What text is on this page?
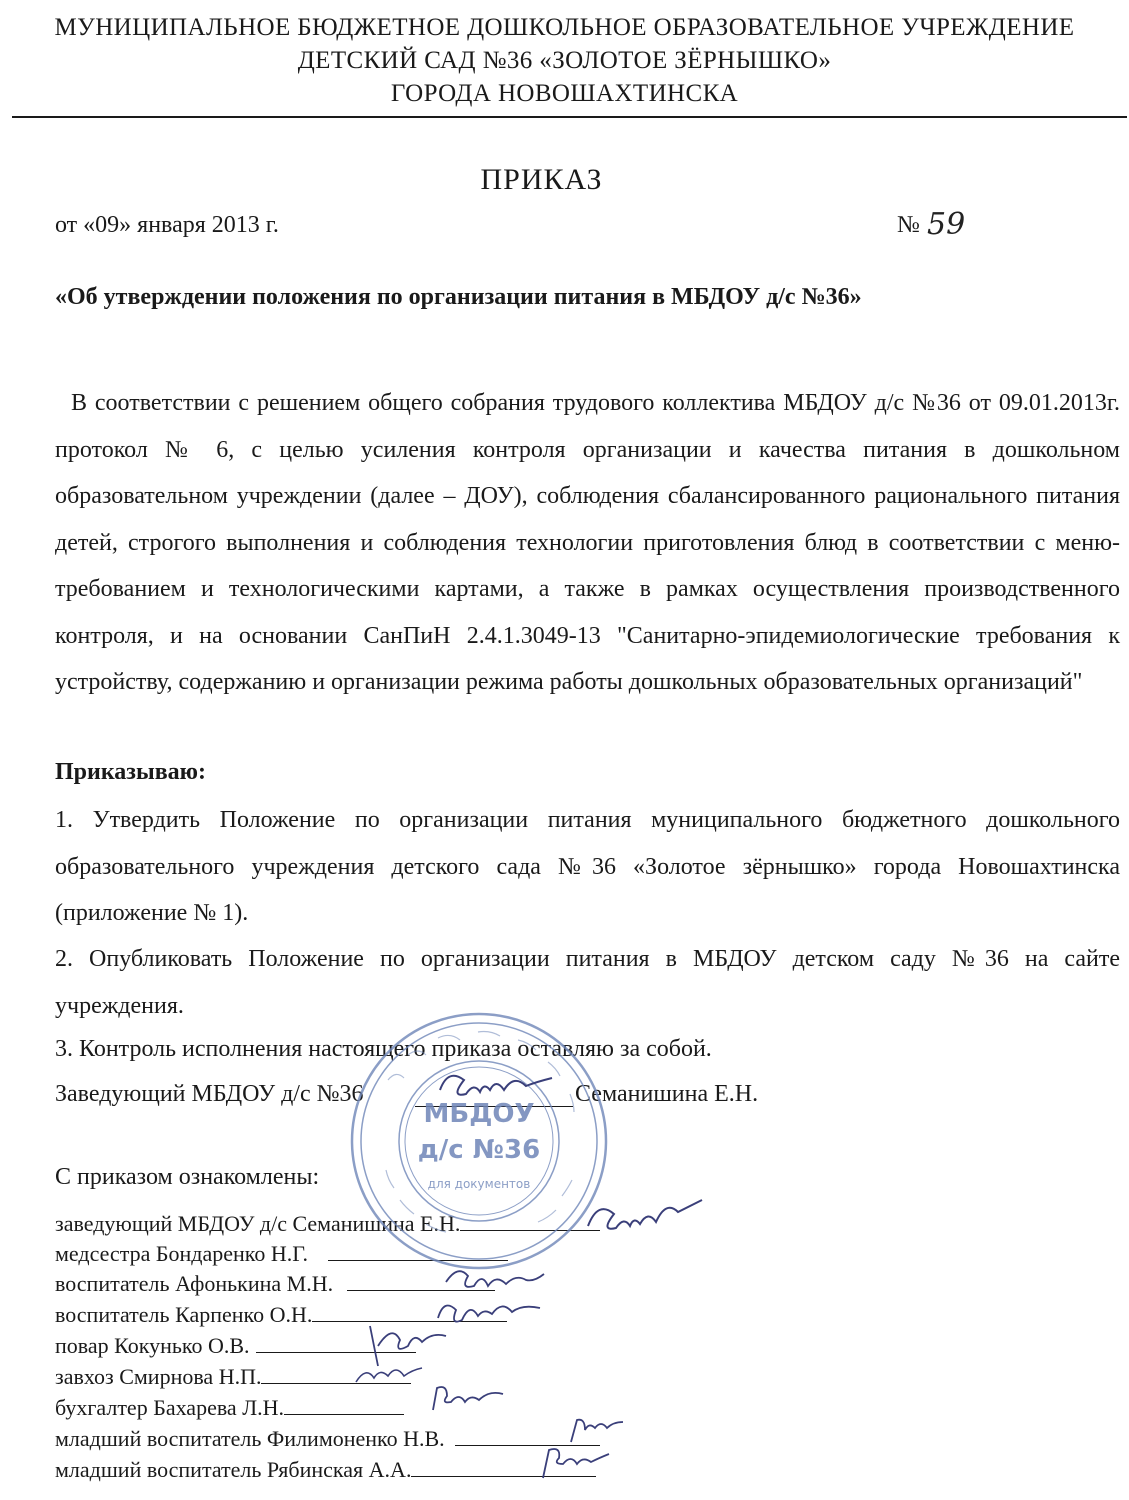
МУНИЦИПАЛЬНОЕ БЮДЖЕТНОЕ ДОШКОЛЬНОЕ ОБРАЗОВАТЕЛЬНОЕ УЧРЕЖДЕНИЕ

ДЕТСКИЙ САД №36 «ЗОЛОТОЕ ЗЁРНЫШКО»

ГОРОДА НОВОШАХТИНСКА

ПРИКАЗ

от «09» января 2013 г.	№ 59

«Об утверждении положения по организации питания в МБДОУ д/с №36»

В соответствии с решением общего собрания трудового коллектива МБДОУ д/с №36 от 09.01.2013г. протокол № 6, с целью усиления контроля организации и качества питания в дошкольном образовательном учреждении (далее – ДОУ), соблюдения сбалансированного рационального питания детей, строгого выполнения и соблюдения технологии приготовления блюд в соответствии с меню-требованием и технологическими картами, а также в рамках осуществления производственного контроля, и на основании СанПиН 2.4.1.3049-13 "Санитарно-эпидемиологические требования к устройству, содержанию и организации режима работы дошкольных образовательных организаций"

Приказываю:

1. Утвердить Положение по организации питания муниципального бюджетного дошкольного образовательного учреждения детского сада №36 «Золотое зёрнышко» города Новошахтинска (приложение № 1).

2. Опубликовать Положение по организации питания в МБДОУ детском саду №36 на сайте учреждения.

3. Контроль исполнения настоящего приказа оставляю за собой.

Заведующий МБДОУ д/с №36	Семанишина Е.Н.

С приказом ознакомлены:

заведующий МБДОУ д/с Семанишина Е.Н.
медсестра Бондаренко Н.Г.
воспитатель Афонькина М.Н.
воспитатель Карпенко О.Н.
повар Кокунько О.В.
завхоз Смирнова Н.П.
бухгалтер Бахарева Л.Н.
младший воспитатель Филимоненко Н.В.
младший воспитатель Рябинская А.А.
МБДОУ
д/с №36
для документов
